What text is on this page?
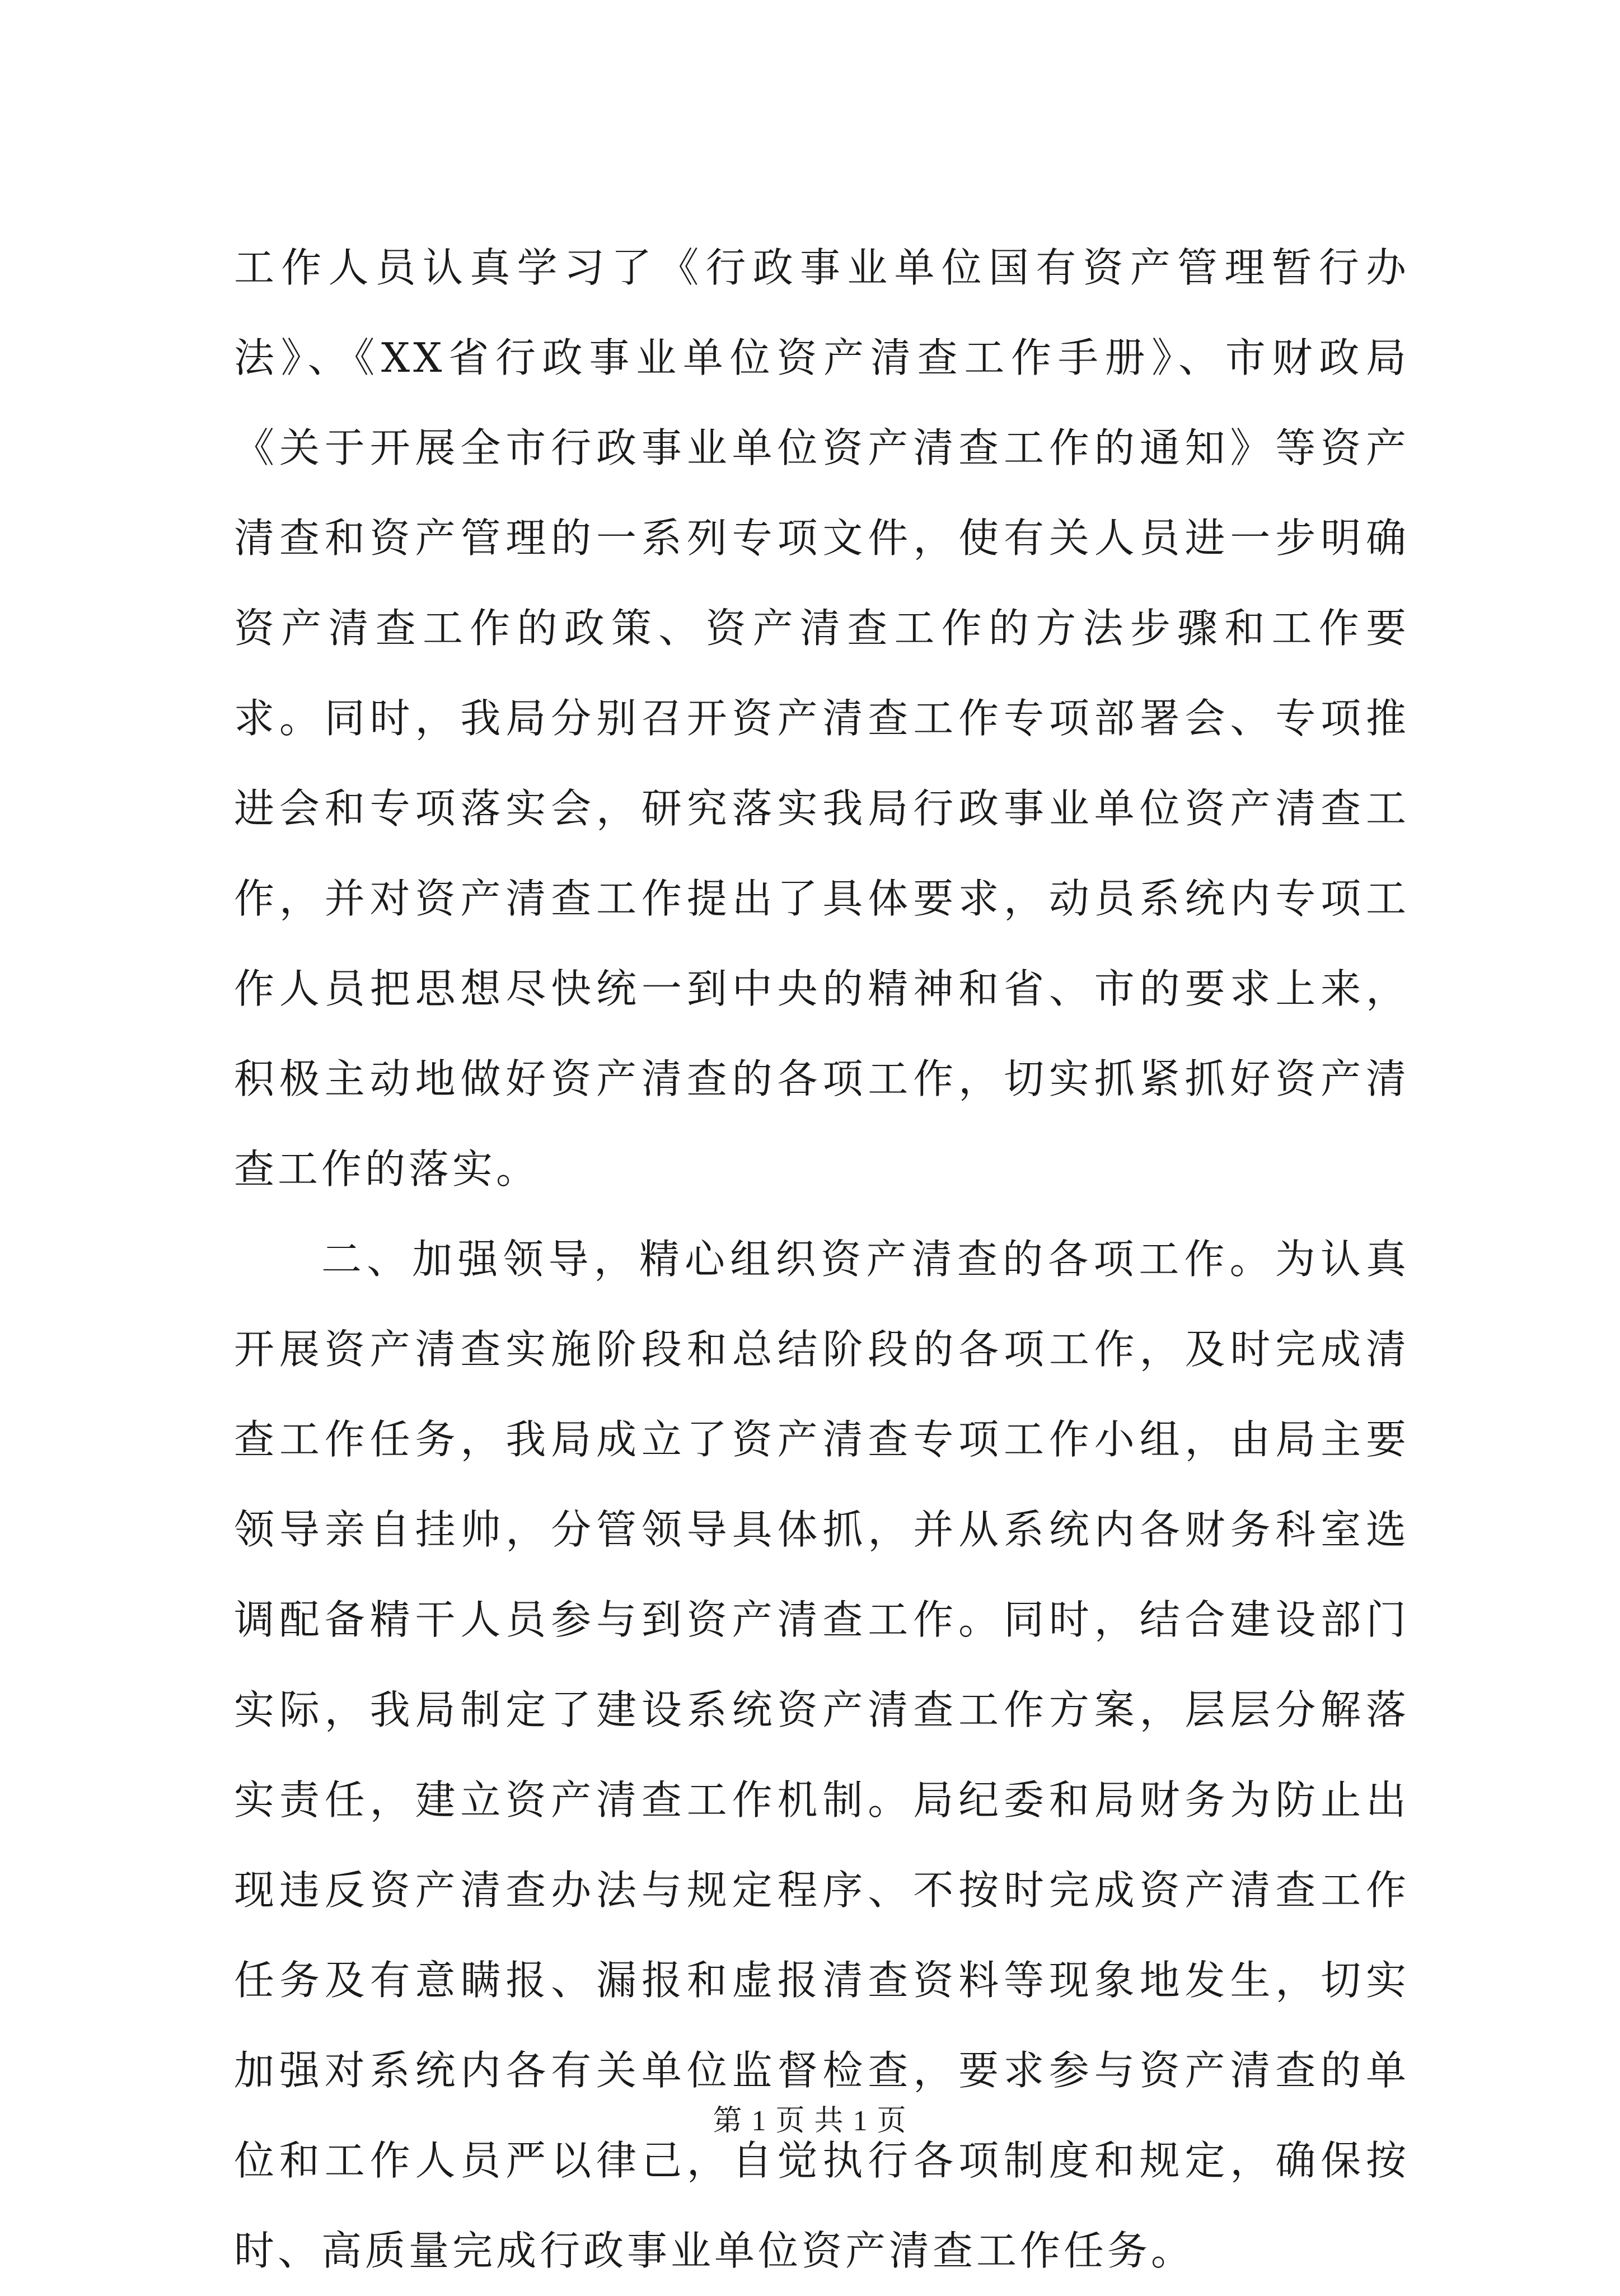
工作人员认真学习了《行政事业单位国有资产管理暂行办法》、《XX省行政事业单位资产清查工作手册》、市财政局《关于开展全市行政事业单位资产清查工作的通知》等资产清查和资产管理的一系列专项文件，使有关人员进一步明确资产清查工作的政策、资产清查工作的方法步骤和工作要求。同时，我局分别召开资产清查工作专项部署会、专项推进会和专项落实会，研究落实我局行政事业单位资产清查工作，并对资产清查工作提出了具体要求，动员系统内专项工作人员把思想尽快统一到中央的精神和省、市的要求上来，积极主动地做好资产清查的各项工作，切实抓紧抓好资产清查工作的落实。

二、加强领导，精心组织资产清查的各项工作。为认真开展资产清查实施阶段和总结阶段的各项工作，及时完成清查工作任务，我局成立了资产清查专项工作小组，由局主要领导亲自挂帅，分管领导具体抓，并从系统内各财务科室选调配备精干人员参与到资产清查工作。同时，结合建设部门实际，我局制定了建设系统资产清查工作方案，层层分解落实责任，建立资产清查工作机制。局纪委和局财务为防止出现违反资产清查办法与规定程序、不按时完成资产清查工作任务及有意瞒报、漏报和虚报清查资料等现象地发生，切实加强对系统内各有关单位监督检查，要求参与资产清查的单位和工作人员严以律己，自觉执行各项制度和规定，确保按时、高质量完成行政事业单位资产清查工作任务。

第 1 页 共 1 页
